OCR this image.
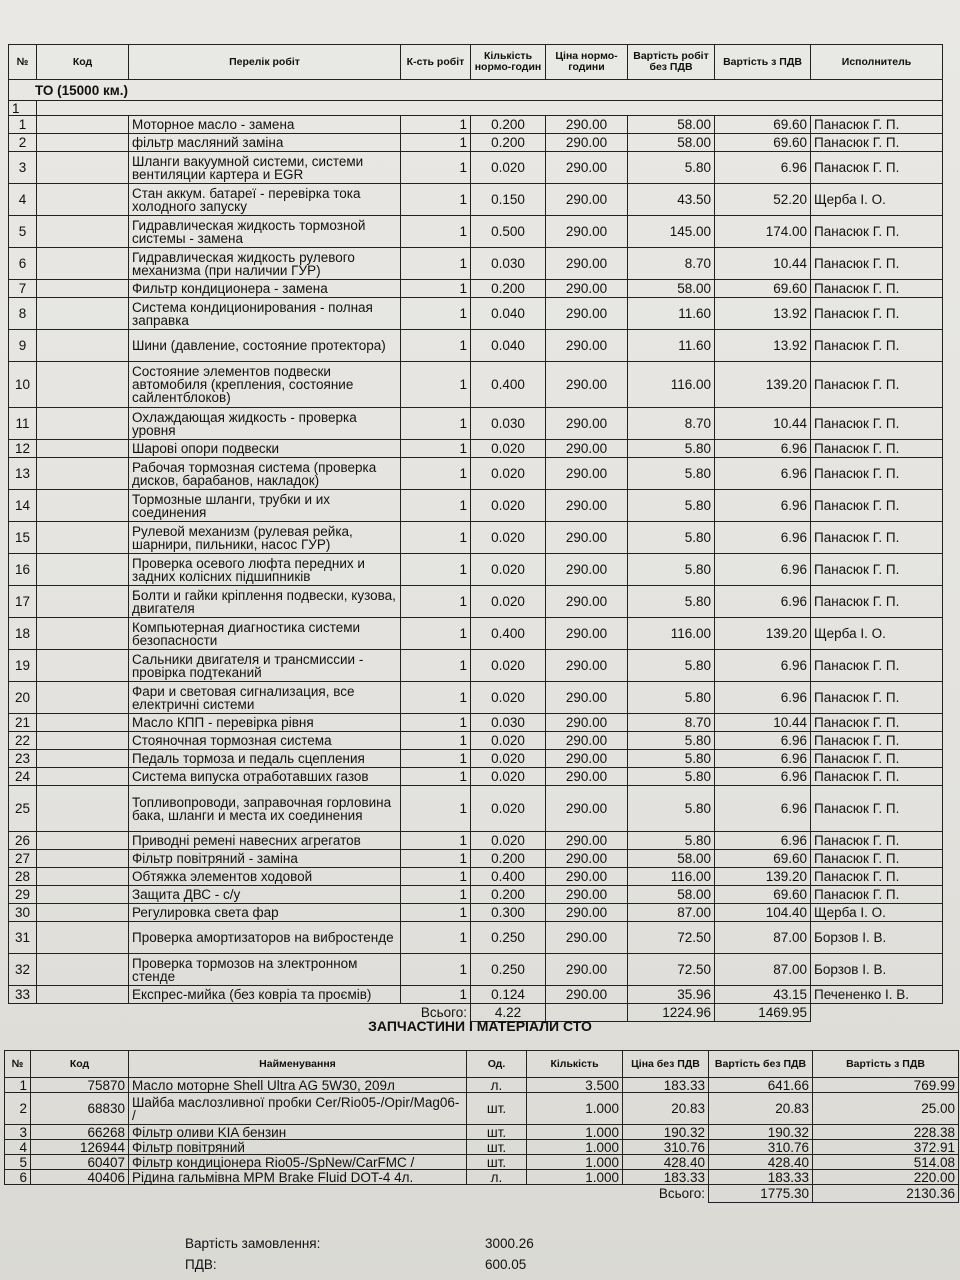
№	Код	Перелік робіт	К-сть робіт	Кількість нормо-годин	Ціна нормо-години	Вартість робіт без ПДВ	Вартість з ПДВ	Исполнитель
ТО (15000 км.)								
1								
1		Моторное масло - замена	1	0.200	290.00	58.00	69.60	Панасюк Г. П.
2		фільтр масляний заміна	1	0.200	290.00	58.00	69.60	Панасюк Г. П.
3		Шланги вакуумной системи, системи вентиляции картера и EGR	1	0.020	290.00	5.80	6.96	Панасюк Г. П.
4		Стан аккум. батареї - перевірка тока холодного запуску	1	0.150	290.00	43.50	52.20	Щерба І. О.
5		Гидравлическая жидкость тормозной системы - замена	1	0.500	290.00	145.00	174.00	Панасюк Г. П.
6		Гидравлическая жидкость рулевого механизма (при наличии ГУР)	1	0.030	290.00	8.70	10.44	Панасюк Г. П.
7		Фильтр кондиционера - замена	1	0.200	290.00	58.00	69.60	Панасюк Г. П.
8		Система кондиционирования - полная заправка	1	0.040	290.00	11.60	13.92	Панасюк Г. П.
9		Шини (давление, состояние протектора)	1	0.040	290.00	11.60	13.92	Панасюк Г. П.
10		Состояние элементов подвески автомобиля (крепления, состояние сайлентблоков)	1	0.400	290.00	116.00	139.20	Панасюк Г. П.
11		Охлаждающая жидкость - проверка уровня	1	0.030	290.00	8.70	10.44	Панасюк Г. П.
12		Шарові опори подвески	1	0.020	290.00	5.80	6.96	Панасюк Г. П.
13		Рабочая тормозная система (проверка дисков, барабанов, накладок)	1	0.020	290.00	5.80	6.96	Панасюк Г. П.
14		Тормозные шланги, трубки и их соединения	1	0.020	290.00	5.80	6.96	Панасюк Г. П.
15		Рулевой механизм (рулевая рейка, шарнири, пильники, насос ГУР)	1	0.020	290.00	5.80	6.96	Панасюк Г. П.
16		Проверка осевого люфта передних и задних колісних підшипників	1	0.020	290.00	5.80	6.96	Панасюк Г. П.
17		Болти и гайки кріплення подвески, кузова, двигателя	1	0.020	290.00	5.80	6.96	Панасюк Г. П.
18		Компьютерная диагностика системи безопасности	1	0.400	290.00	116.00	139.20	Щерба І. О.
19		Сальники двигателя и трансмиссии - провірка подтеканий	1	0.020	290.00	5.80	6.96	Панасюк Г. П.
20		Фари и световая сигнализация, все електричні системи	1	0.020	290.00	5.80	6.96	Панасюк Г. П.
21		Масло КПП - перевірка рівня	1	0.030	290.00	8.70	10.44	Панасюк Г. П.
22		Стояночная тормозная система	1	0.020	290.00	5.80	6.96	Панасюк Г. П.
23		Педаль тормоза и педаль сцепления	1	0.020	290.00	5.80	6.96	Панасюк Г. П.
24		Система випуска отработавших газов	1	0.020	290.00	5.80	6.96	Панасюк Г. П.
25		Топливопроводи, заправочная горловина бака, шланги и места их соединения	1	0.020	290.00	5.80	6.96	Панасюк Г. П.
26		Приводні ремені навесних агрегатов	1	0.020	290.00	5.80	6.96	Панасюк Г. П.
27		Фільтр повітряний - заміна	1	0.200	290.00	58.00	69.60	Панасюк Г. П.
28		Обтяжка элементов ходовой	1	0.400	290.00	116.00	139.20	Панасюк Г. П.
29		Защита ДВС - с/у	1	0.200	290.00	58.00	69.60	Панасюк Г. П.
30		Регулировка света фар	1	0.300	290.00	87.00	104.40	Щерба І. О.
31		Проверка амортизаторов на вибростенде	1	0.250	290.00	72.50	87.00	Борзов І. В.
32		Проверка тормозов на злектронном стенде	1	0.250	290.00	72.50	87.00	Борзов І. В.
33		Експрес-мийка (без ковріа та проємів)	1	0.124	290.00	35.96	43.15	Печененко І. В.
Всього:				4.22		1224.96	1469.95	
ЗАПЧАСТИНИ І МАТЕРІАЛИ СТО
№	Код	Найменування	Од.	Кількість	Ціна без ПДВ	Вартість без ПДВ	Вартість з ПДВ
1	75870	Масло моторне Shell Ultra AG 5W30, 209л	л.	3.500	183.33	641.66	769.99
2	68830	Шайба маслозливної пробки Cer/Rio05-/Opir/Mag06- /	шт.	1.000	20.83	20.83	25.00
3	66268	Фільтр оливи KIA бензин	шт.	1.000	190.32	190.32	228.38
4	126944	Фільтр повітряний	шт.	1.000	310.76	310.76	372.91
5	60407	Фільтр кондиціонера Rio05-/SpNew/CarFMC /	шт.	1.000	428.40	428.40	514.08
6	40406	Рідина гальмівна MPM Brake Fluid DOT-4 4л.	л.	1.000	183.33	183.33	220.00
Всього:						1775.30	2130.36
Вартість замовлення:	3000.26
ПДВ:	600.05
